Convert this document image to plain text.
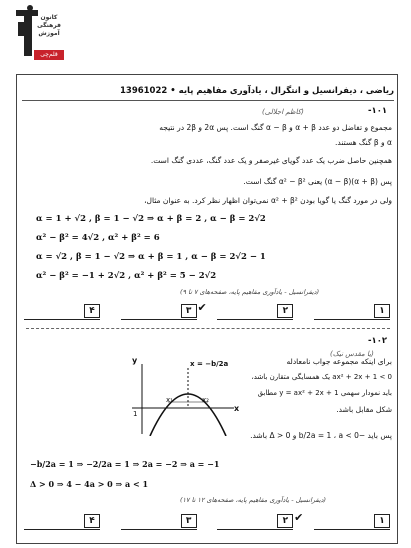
کانون
فرهنگی
آموزش
قلم‌چی
ریاضی ، دیفرانسیل و انتگرال ، یادآوری مفاهیم پایه • 13961022
-۱۰۱
(کاظم اجلالی)
مجموع و تفاضل دو عدد α + β و α − β گنگ است. پس 2α و 2β در نتیجه
α و β گنگ هستند.
همچنین حاصل ضرب یک عدد گویای غیرصفر و یک عدد گنگ، عددی گنگ است.
پس (α + β)(α − β) یعنی α² − β² گنگ است.
ولی در مورد گنگ یا گویا بودن α² + β² نمی‌توان اظهار نظر کرد. به عنوان مثال،
α = 1 + √2 , β = 1 − √2 ⇒ α + β = 2 , α − β = 2√2
α² − β² = 4√2 , α² + β² = 6
α = √2 , β = 1 − √2 ⇒ α + β = 1 , α − β = 2√2 − 1
α² − β² = −1 + 2√2 , α² + β² = 5 − 2√2
(دیفرانسیل - یادآوری مفاهیم پایه، صفحه‌های ۷ تا ۹)
۴	۳ ✔	۲	۱
-۱۰۲
(یا مقدس نیک)
y
x
x = −b/2a
x₁	x₂
1
برای اینکه مجموعه جواب نامعادله
ax² + 2x + 1 < 0 یک همسایگی متقارن باشد،
باید نمودار سهمی y = ax² + 2x + 1 مطابق
شکل مقابل باشد.
پس باید −b/2a = 1 ، a < 0 و Δ > 0 باشد.
−b/2a = 1 ⇒ −2/2a = 1 ⇒ 2a = −2 ⇒ a = −1
Δ > 0 ⇒ 4 − 4a > 0 ⇒ a < 1
(دیفرانسیل - یادآوری مفاهیم پایه، صفحه‌های ۱۲ تا ۱۷)
۴	۳	۲ ✔	۱
